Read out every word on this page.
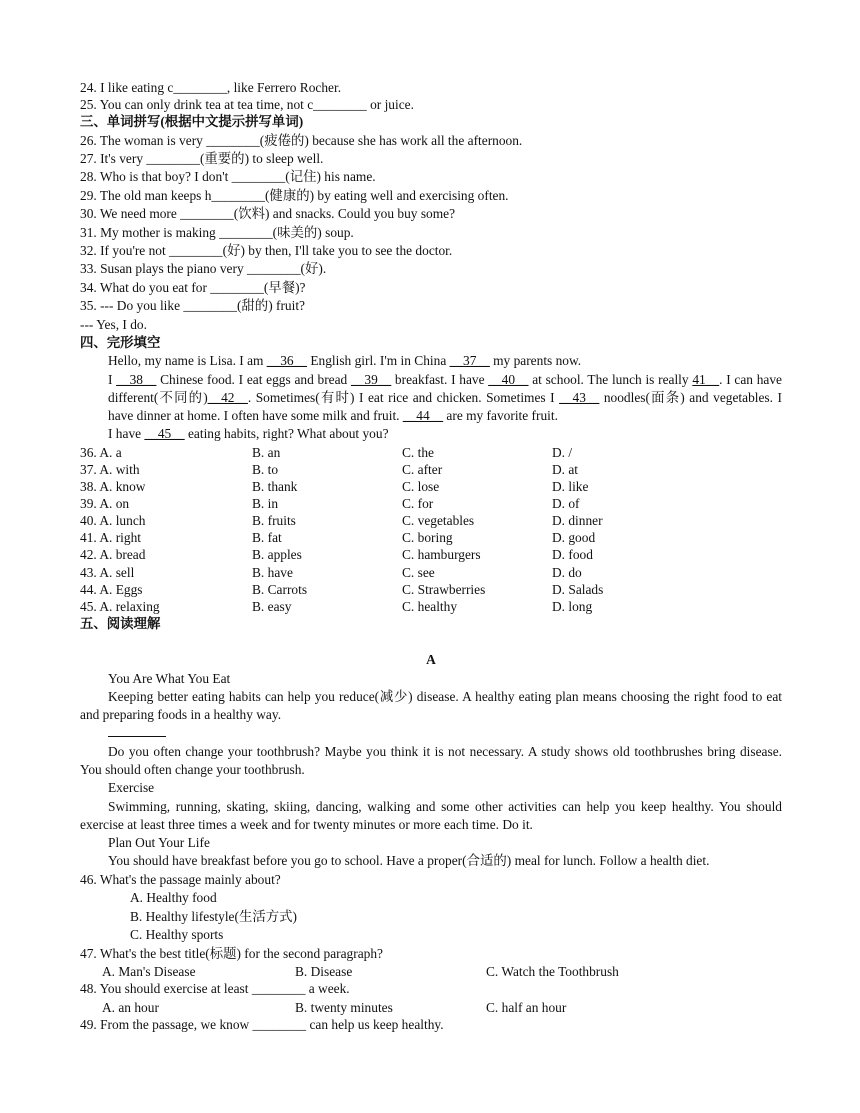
24. I like eating c________, like Ferrero Rocher.
25. You can only drink tea at tea time, not c________ or juice.
三、单词拼写(根据中文提示拼写单词)
26. The woman is very ________(疲倦的) because she has work all the afternoon.
27. It's very ________(重要的) to sleep well.
28. Who is that boy? I don't ________(记住) his name.
29. The old man keeps h________(健康的) by eating well and exercising often.
30. We need more ________(饮料) and snacks. Could you buy some?
31. My mother is making ________(味美的) soup.
32. If you're not ________(好) by then, I'll take you to see the doctor.
33. Susan plays the piano very ________(好).
34. What do you eat for ________(早餐)?
35. --- Do you like ________(甜的) fruit?
--- Yes, I do.
四、完形填空
Hello, my name is Lisa. I am __36__ English girl. I'm in China __37__ my parents now.
I __38__ Chinese food. I eat eggs and bread __39__ breakfast. I have __40__ at school. The lunch is really 41__. I can have different(不同的)__42__. Sometimes(有时) I eat rice and chicken. Sometimes I __43__ noodles(面条) and vegetables. I have dinner at home. I often have some milk and fruit. __44__ are my favorite fruit.
I have __45__ eating habits, right? What about you?
36. A. a	B. an	C. the	D. /
37. A. with	B. to	C. after	D. at
38. A. know	B. thank	C. lose	D. like
39. A. on	B. in	C. for	D. of
40. A. lunch	B. fruits	C. vegetables	D. dinner
41. A. right	B. fat	C. boring	D. good
42. A. bread	B. apples	C. hamburgers	D. food
43. A. sell	B. have	C. see	D. do
44. A. Eggs	B. Carrots	C. Strawberries	D. Salads
45. A. relaxing	B. easy	C. healthy	D. long
五、阅读理解
A
You Are What You Eat
Keeping better eating habits can help you reduce(减少) disease. A healthy eating plan means choosing the right food to eat and preparing foods in a healthy way.
Do you often change your toothbrush? Maybe you think it is not necessary. A study shows old toothbrushes bring disease. You should often change your toothbrush.
Exercise
Swimming, running, skating, skiing, dancing, walking and some other activities can help you keep healthy. You should exercise at least three times a week and for twenty minutes or more each time. Do it.
Plan Out Your Life
You should have breakfast before you go to school. Have a proper(合适的) meal for lunch. Follow a health diet.
46. What's the passage mainly about?
A. Healthy food
B. Healthy lifestyle(生活方式)
C. Healthy sports
47. What's the best title(标题) for the second paragraph?
A. Man's Disease	B. Disease	C. Watch the Toothbrush
48. You should exercise at least ________ a week.
A. an hour	B. twenty minutes	C. half an hour
49. From the passage, we know ________ can help us keep healthy.
